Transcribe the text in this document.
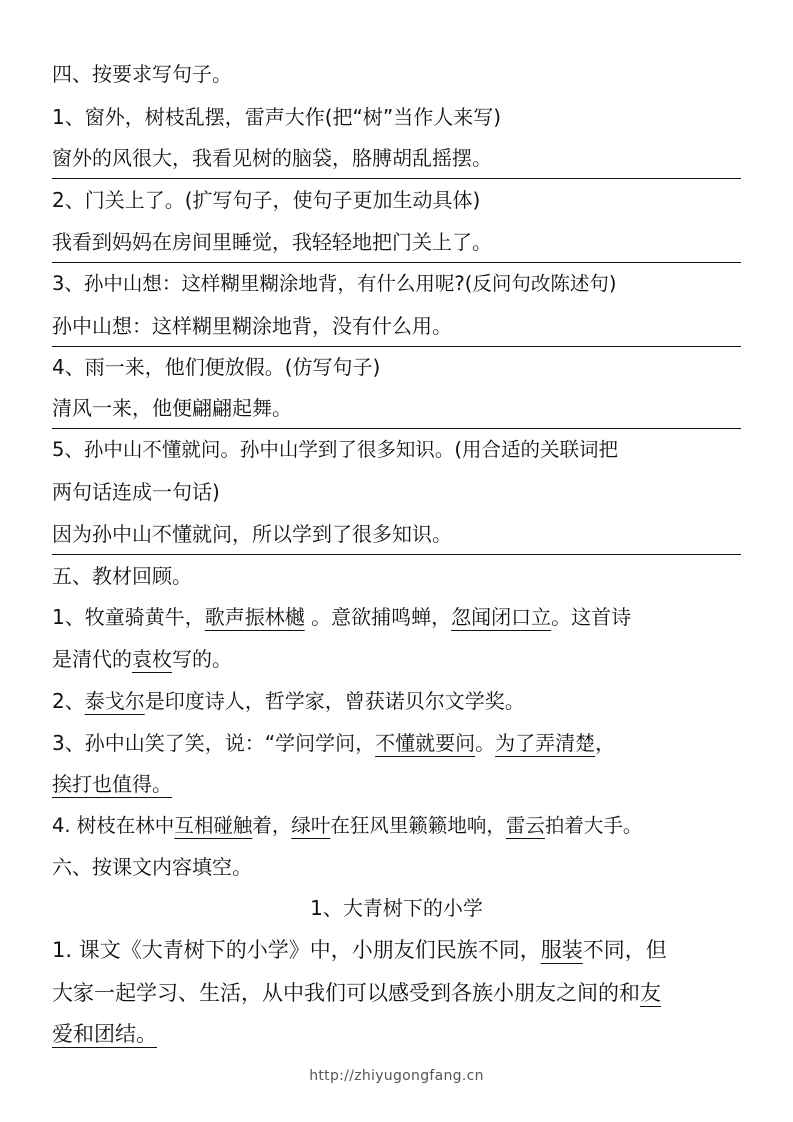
四、按要求写句子。
1、窗外，树枝乱摆，雷声大作(把“树”当作人来写)
窗外的风很大，我看见树的脑袋，胳膊胡乱摇摆。
2、门关上了。(扩写句子，使句子更加生动具体)
我看到妈妈在房间里睡觉，我轻轻地把门关上了。
3、孙中山想：这样糊里糊涂地背，有什么用呢?(反问句改陈述句)
孙中山想：这样糊里糊涂地背，没有什么用。
4、雨一来，他们便放假。(仿写句子)
清风一来，他便翩翩起舞。
5、孙中山不懂就问。孙中山学到了很多知识。(用合适的关联词把
两句话连成一句话)
因为孙中山不懂就问，所以学到了很多知识。
五、教材回顾。
1、牧童骑黄牛，歌声振林樾 。意欲捕鸣蝉，忽闻闭口立。这首诗
是清代的袁枚写的。
2、泰戈尔是印度诗人，哲学家，曾获诺贝尔文学奖。
3、孙中山笑了笑，说：“学问学问，不懂就要问。为了弄清楚，
挨打也值得。
4. 树枝在林中互相碰触着，绿叶在狂风里籁籁地响，雷云拍着大手。
六、按课文内容填空。
1、大青树下的小学
1. 课文《大青树下的小学》中，小朋友们民族不同，服装不同，但
大家一起学习、生活，从中我们可以感受到各族小朋友之间的和友
爱和团结。
http://zhiyugongfang.cn
